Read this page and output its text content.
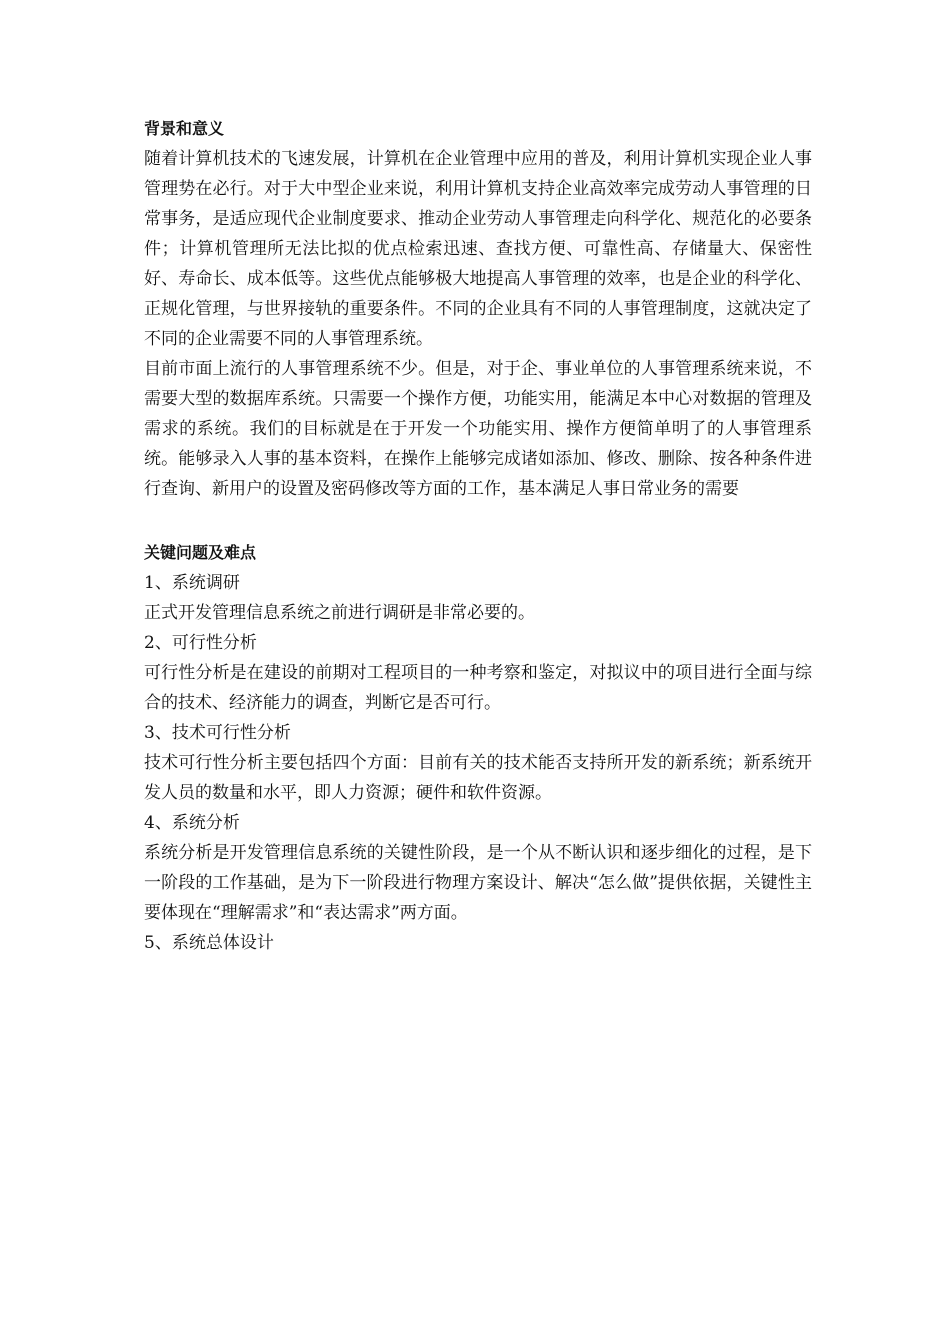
背景和意义

随着计算机技术的飞速发展，计算机在企业管理中应用的普及，利用计算机实现企业人事管理势在必行。对于大中型企业来说，利用计算机支持企业高效率完成劳动人事管理的日常事务，是适应现代企业制度要求、推动企业劳动人事管理走向科学化、规范化的必要条件；计算机管理所无法比拟的优点检索迅速、查找方便、可靠性高、存储量大、保密性好、寿命长、成本低等。这些优点能够极大地提高人事管理的效率，也是企业的科学化、正规化管理，与世界接轨的重要条件。不同的企业具有不同的人事管理制度，这就决定了不同的企业需要不同的人事管理系统。

目前市面上流行的人事管理系统不少。但是，对于企、事业单位的人事管理系统来说，不需要大型的数据库系统。只需要一个操作方便，功能实用，能满足本中心对数据的管理及需求的系统。我们的目标就是在于开发一个功能实用、操作方便简单明了的人事管理系统。能够录入人事的基本资料，在操作上能够完成诸如添加、修改、删除、按各种条件进行查询、新用户的设置及密码修改等方面的工作，基本满足人事日常业务的需要

关键问题及难点

1、系统调研

正式开发管理信息系统之前进行调研是非常必要的。

2、可行性分析

可行性分析是在建设的前期对工程项目的一种考察和鉴定，对拟议中的项目进行全面与综合的技术、经济能力的调查，判断它是否可行。

3、技术可行性分析

技术可行性分析主要包括四个方面：目前有关的技术能否支持所开发的新系统；新系统开发人员的数量和水平，即人力资源；硬件和软件资源。

4、系统分析

系统分析是开发管理信息系统的关键性阶段，是一个从不断认识和逐步细化的过程，是下一阶段的工作基础，是为下一阶段进行物理方案设计、解决“怎么做”提供依据，关键性主要体现在“理解需求”和“表达需求”两方面。

5、系统总体设计
